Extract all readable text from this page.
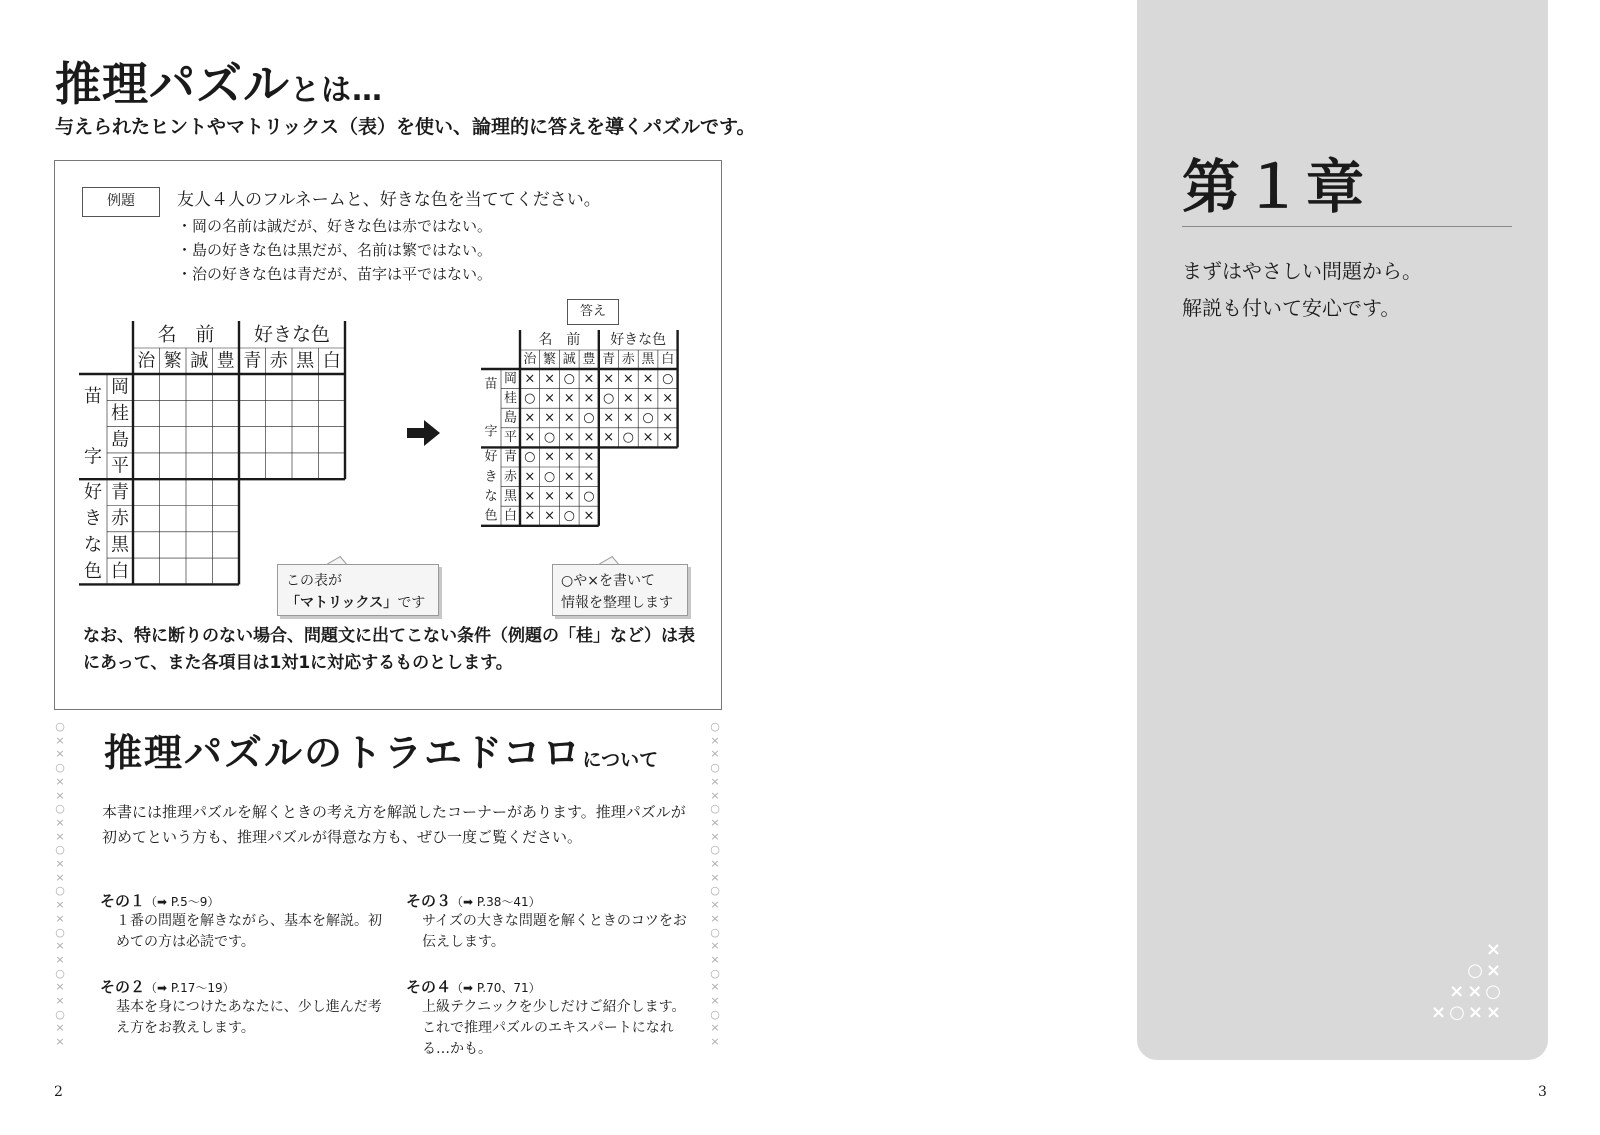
推理パズルとは…
与えられたヒントやマトリックス（表）を使い、論理的に答えを導くパズルです。
例題	友人４人のフルネームと、好きな色を当ててください。
・岡の名前は誠だが、好きな色は赤ではない。
・島の好きな色は黒だが、名前は繁ではない。
・治の好きな色は青だが、苗字は平ではない。
名　前 好きな色
治 繁 誠 豊 青 赤 黒 白
岡
桂
島
平
青
赤
黒
白
苗
字
好
き
な
色
答え
名　前 好きな色
治 繁 誠 豊 青 赤 黒 白
岡
桂
島
平
青
赤
黒
白
苗
字
好
き
な
色
× × ○ × × × × ○
○ × × × ○ × × ×
× × × ○ × × ○ ×
× ○ × × × ○ × ×
○ × × ×
× ○ × ×
× × × ○
× × ○ ×
この表が
「マトリックス」です
○や×を書いて
情報を整理します
なお、特に断りのない場合、問題文に出てこない条件（例題の「桂」など）は表にあって、また各項目は1対1に対応するものとします。
○
×
×
○
×
×
○
×
×
○
×
×
○
×
×
○
×
×
○
×
×
○
×
×
○
×
×
○
×
×
○
×
×
○
×
×
○
×
×
○
×
×
○
×
×
○
×
×
推理パズルのトラエドコロについて
本書には推理パズルを解くときの考え方を解説したコーナーがあります。推理パズルが初めてという方も、推理パズルが得意な方も、ぜひ一度ご覧ください。
その１（➡ P.5〜9）
１番の問題を解きながら、基本を解説。初めての方は必読です。
その２（➡ P.17〜19）
基本を身につけたあなたに、少し進んだ考え方をお教えします。
その３（➡ P.38〜41）
サイズの大きな問題を解くときのコツをお伝えします。
その４（➡ P.70、71）
上級テクニックを少しだけご紹介します。これで推理パズルのエキスパートになれる…かも。
2
第１章
まずはやさしい問題から。
解説も付いて安心です。
×
○×
××○
×○××
3
